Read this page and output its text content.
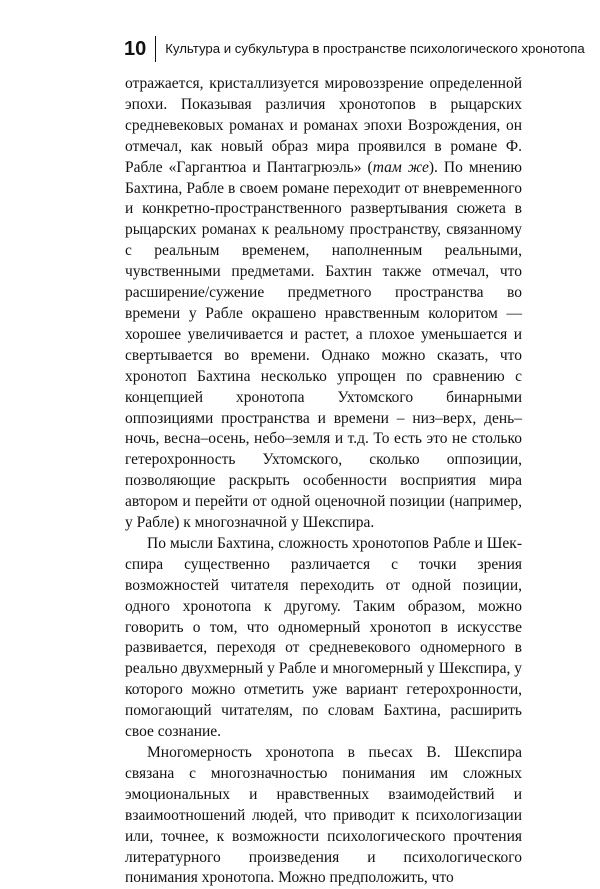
10	Культура и субкультура в пространстве психологического хронотопа

отражается, кристаллизуется мировоззрение определенной эпохи. Показывая различия хронотопов в рыцарских средневековых романах и романах эпохи Возрождения, он отмечал, как новый образ мира проявился в романе Ф. Рабле «Гаргантюа и Пантагрюэль» (там же). По мнению Бахтина, Рабле в своем романе переходит от вневременного и конкретно-пространственного развертывания сюжета в рыцарских романах к реальному пространству, связанному с реальным временем, наполненным реальными, чувственными предметами. Бахтин также отмечал, что расширение/сужение предметного пространства во времени у Рабле окрашено нравственным колоритом — хорошее увеличивается и растет, а плохое уменьшается и свертывается во времени. Однако можно сказать, что хронотоп Бахтина несколько упрощен по сравнению с концепцией хронотопа Ухтомского бинарными оппозициями пространства и времени – низ–верх, день–ночь, весна–осень, небо–земля и т.д. То есть это не столько гетерохронность Ухтомского, сколько оппозиции, позволяющие раскрыть особенности восприятия мира автором и перейти от одной оценочной позиции (например, у Рабле) к многозначной у Шекспира.

По мысли Бахтина, сложность хронотопов Рабле и Шекспира существенно различается с точки зрения возможностей читателя переходить от одной позиции, одного хронотопа к другому. Таким образом, можно говорить о том, что одномерный хронотоп в искусстве развивается, переходя от средневекового одномерного в реально двухмерный у Рабле и многомерный у Шекспира, у которого можно отметить уже вариант гетерохронности, помогающий читателям, по словам Бахтина, расширить свое сознание.

Многомерность хронотопа в пьесах В. Шекспира связана с многозначностью понимания им сложных эмоциональных и нравственных взаимодействий и взаимоотношений людей, что приводит к психологизации или, точнее, к возможности психологического прочтения литературного произведения и психологического понимания хронотопа. Можно предположить, что
